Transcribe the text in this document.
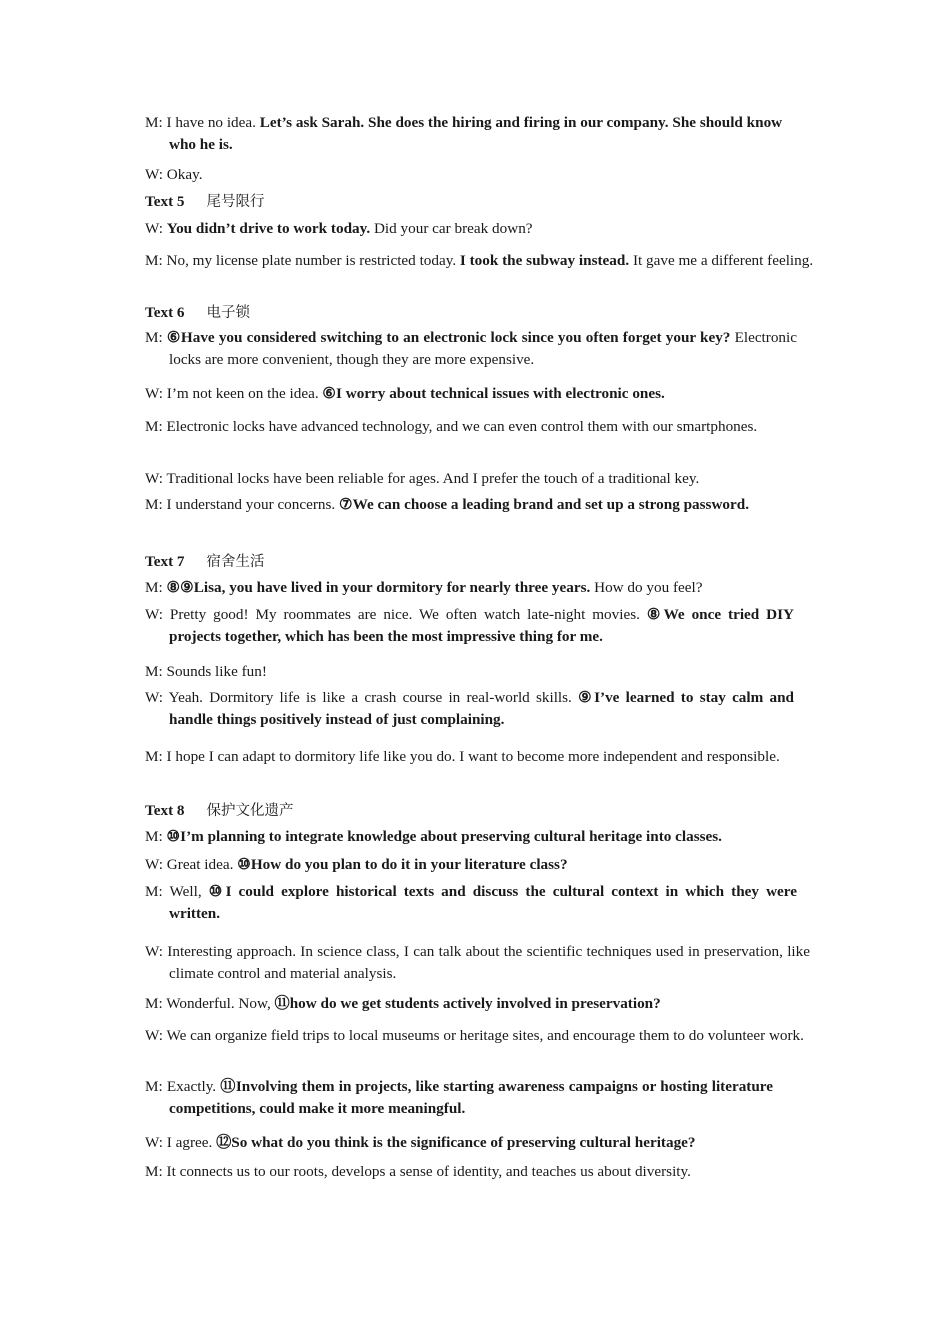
M: I have no idea. Let’s ask Sarah. She does the hiring and firing in our company. She should know who he is.
W: Okay.
Text 5 尾号限行
W: You didn’t drive to work today. Did your car break down?
M: No, my license plate number is restricted today. I took the subway instead. It gave me a different feeling.
Text 6 电子锁
M: ⑥Have you considered switching to an electronic lock since you often forget your key? Electronic locks are more convenient, though they are more expensive.
W: I’m not keen on the idea. ⑥I worry about technical issues with electronic ones.
M: Electronic locks have advanced technology, and we can even control them with our smartphones.
W: Traditional locks have been reliable for ages. And I prefer the touch of a traditional key.
M: I understand your concerns. ⑦We can choose a leading brand and set up a strong password.
Text 7 宿舍生活
M: ⑧⑨Lisa, you have lived in your dormitory for nearly three years. How do you feel?
W: Pretty good! My roommates are nice. We often watch late-night movies. ⑧We once tried DIY projects together, which has been the most impressive thing for me.
M: Sounds like fun!
W: Yeah. Dormitory life is like a crash course in real-world skills. ⑨I’ve learned to stay calm and handle things positively instead of just complaining.
M: I hope I can adapt to dormitory life like you do. I want to become more independent and responsible.
Text 8 保护文化遗产
M: ⑩I’m planning to integrate knowledge about preserving cultural heritage into classes.
W: Great idea. ⑩How do you plan to do it in your literature class?
M: Well, ⑩I could explore historical texts and discuss the cultural context in which they were written.
W: Interesting approach. In science class, I can talk about the scientific techniques used in preservation, like climate control and material analysis.
M: Wonderful. Now, ⑪how do we get students actively involved in preservation?
W: We can organize field trips to local museums or heritage sites, and encourage them to do volunteer work.
M: Exactly. ⑪Involving them in projects, like starting awareness campaigns or hosting literature competitions, could make it more meaningful.
W: I agree. ⑫So what do you think is the significance of preserving cultural heritage?
M: It connects us to our roots, develops a sense of identity, and teaches us about diversity.
